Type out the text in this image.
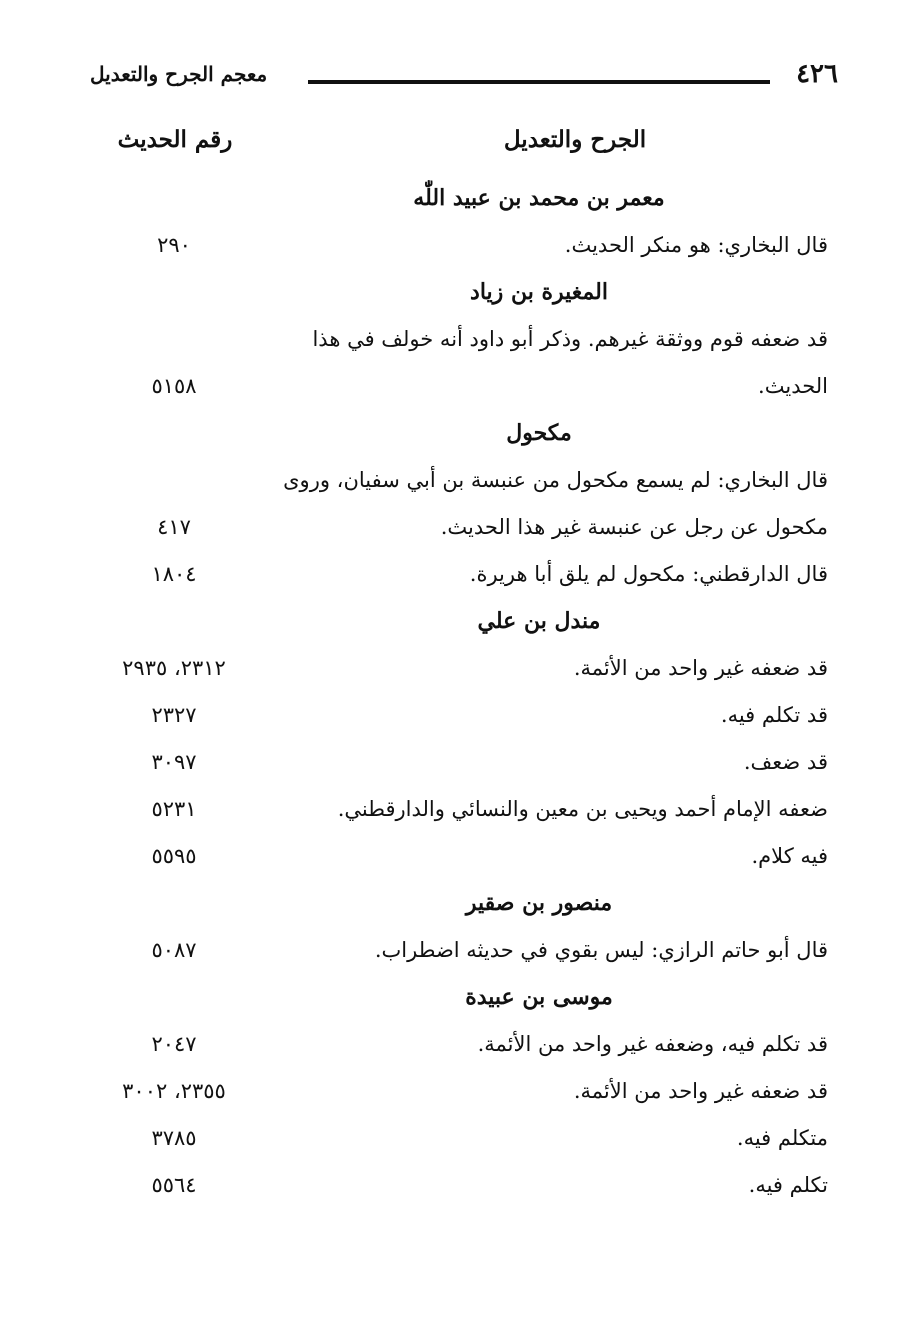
٤٢٦
معجم الجرح والتعديل
الجرح والتعديل
رقم الحديث
معمر بن محمد بن عبيد اللّٰه
قال البخاري: هو منكر الحديث.
٢٩٠
المغيرة بن زياد
قد ضعفه قوم ووثقة غيرهم. وذكر أبو داود أنه خولف في هذا الحديث.
٥١٥٨
مكحول
قال البخاري: لم يسمع مكحول من عنبسة بن أبي سفيان، وروى مكحول عن رجل عن عنبسة غير هذا الحديث.
٤١٧
قال الدارقطني: مكحول لم يلق أبا هريرة.
١٨٠٤
مندل بن علي
قد ضعفه غير واحد من الأئمة.
٢٣١٢، ٢٩٣٥
قد تكلم فيه.
٢٣٢٧
قد ضعف.
٣٠٩٧
ضعفه الإمام أحمد ويحيى بن معين والنسائي والدارقطني.
٥٢٣١
فيه كلام.
٥٥٩٥
منصور بن صقير
قال أبو حاتم الرازي: ليس بقوي في حديثه اضطراب.
٥٠٨٧
موسى بن عبيدة
قد تكلم فيه، وضعفه غير واحد من الأئمة.
٢٠٤٧
قد ضعفه غير واحد من الأئمة.
٢٣٥٥، ٣٠٠٢
متكلم فيه.
٣٧٨٥
تكلم فيه.
٥٥٦٤
